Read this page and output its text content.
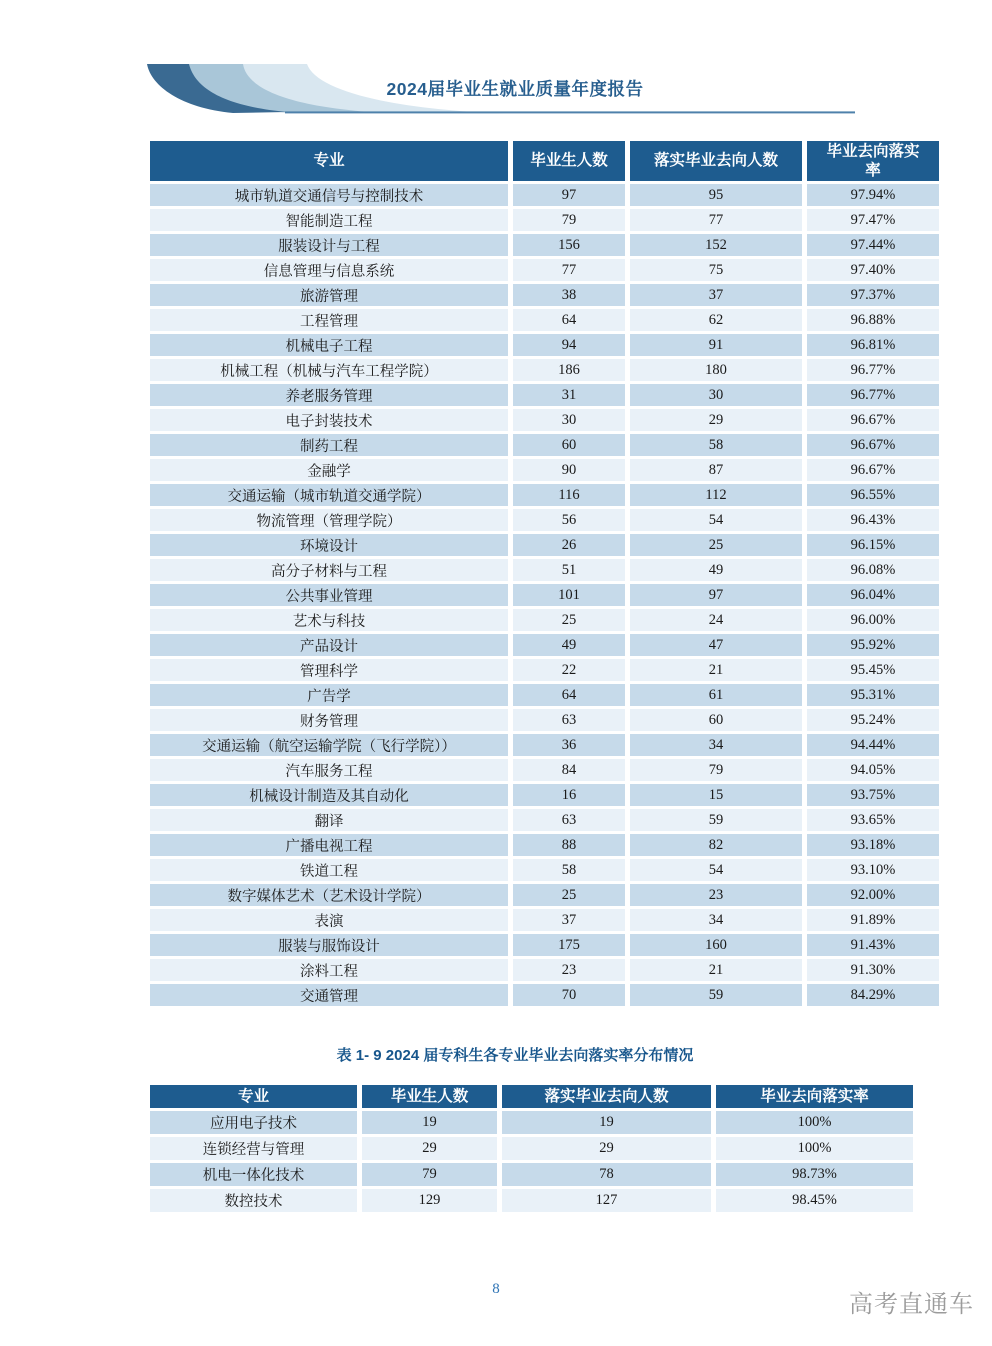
2024届毕业生就业质量年度报告
专业	毕业生人数	落实毕业去向人数	毕业去向落实率
城市轨道交通信号与控制技术	97	95	97.94%
智能制造工程	79	77	97.47%
服装设计与工程	156	152	97.44%
信息管理与信息系统	77	75	97.40%
旅游管理	38	37	97.37%
工程管理	64	62	96.88%
机械电子工程	94	91	96.81%
机械工程（机械与汽车工程学院）	186	180	96.77%
养老服务管理	31	30	96.77%
电子封装技术	30	29	96.67%
制药工程	60	58	96.67%
金融学	90	87	96.67%
交通运输（城市轨道交通学院）	116	112	96.55%
物流管理（管理学院）	56	54	96.43%
环境设计	26	25	96.15%
高分子材料与工程	51	49	96.08%
公共事业管理	101	97	96.04%
艺术与科技	25	24	96.00%
产品设计	49	47	95.92%
管理科学	22	21	95.45%
广告学	64	61	95.31%
财务管理	63	60	95.24%
交通运输（航空运输学院（飞行学院））	36	34	94.44%
汽车服务工程	84	79	94.05%
机械设计制造及其自动化	16	15	93.75%
翻译	63	59	93.65%
广播电视工程	88	82	93.18%
铁道工程	58	54	93.10%
数字媒体艺术（艺术设计学院）	25	23	92.00%
表演	37	34	91.89%
服装与服饰设计	175	160	91.43%
涂料工程	23	21	91.30%
交通管理	70	59	84.29%
表 1- 9 2024 届专科生各专业毕业去向落实率分布情况
专业	毕业生人数	落实毕业去向人数	毕业去向落实率
应用电子技术	19	19	100%
连锁经营与管理	29	29	100%
机电一体化技术	79	78	98.73%
数控技术	129	127	98.45%
8
高考直通车
